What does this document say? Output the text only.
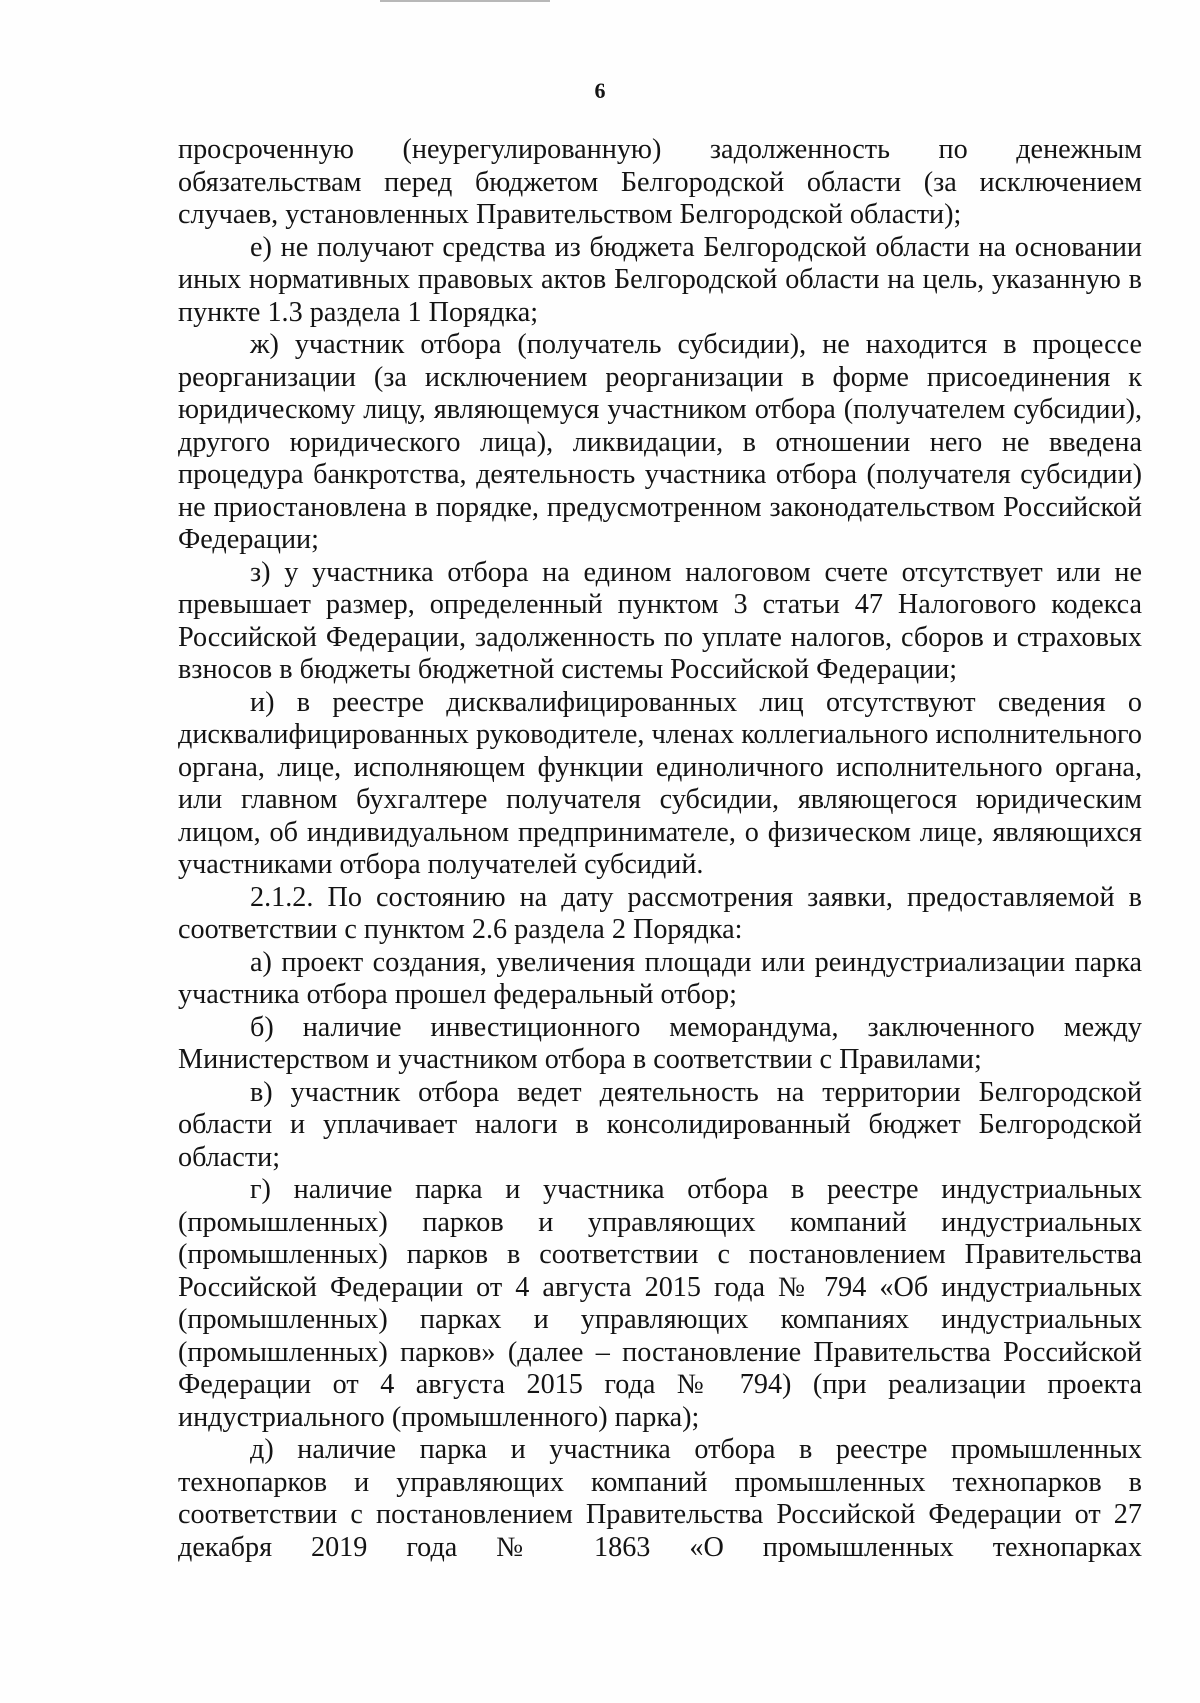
6

просроченную (неурегулированную) задолженность по денежным обязательствам перед бюджетом Белгородской области (за исключением случаев, установленных Правительством Белгородской области);

е) не получают средства из бюджета Белгородской области на основании иных нормативных правовых актов Белгородской области на цель, указанную в пункте 1.3 раздела 1 Порядка;

ж) участник отбора (получатель субсидии), не находится в процессе реорганизации (за исключением реорганизации в форме присоединения к юридическому лицу, являющемуся участником отбора (получателем субсидии), другого юридического лица), ликвидации, в отношении него не введена процедура банкротства, деятельность участника отбора (получателя субсидии) не приостановлена в порядке, предусмотренном законодательством Российской Федерации;

з) у участника отбора на едином налоговом счете отсутствует или не превышает размер, определенный пунктом 3 статьи 47 Налогового кодекса Российской Федерации, задолженность по уплате налогов, сборов и страховых взносов в бюджеты бюджетной системы Российской Федерации;

и) в реестре дисквалифицированных лиц отсутствуют сведения о дисквалифицированных руководителе, членах коллегиального исполнительного органа, лице, исполняющем функции единоличного исполнительного органа, или главном бухгалтере получателя субсидии, являющегося юридическим лицом, об индивидуальном предпринимателе, о физическом лице, являющихся участниками отбора получателей субсидий.

2.1.2. По состоянию на дату рассмотрения заявки, предоставляемой в соответствии с пунктом 2.6 раздела 2 Порядка:

а) проект создания, увеличения площади или реиндустриализации парка участника отбора прошел федеральный отбор;

б) наличие инвестиционного меморандума, заключенного между Министерством и участником отбора в соответствии с Правилами;

в) участник отбора ведет деятельность на территории Белгородской области и уплачивает налоги в консолидированный бюджет Белгородской области;

г) наличие парка и участника отбора в реестре индустриальных (промышленных) парков и управляющих компаний индустриальных (промышленных) парков в соответствии с постановлением Правительства Российской Федерации от 4 августа 2015 года № 794 «Об индустриальных (промышленных) парках и управляющих компаниях индустриальных (промышленных) парков» (далее – постановление Правительства Российской Федерации от 4 августа 2015 года № 794) (при реализации проекта индустриального (промышленного) парка);

д) наличие парка и участника отбора в реестре промышленных технопарков и управляющих компаний промышленных технопарков в соответствии с постановлением Правительства Российской Федерации от 27 декабря 2019 года № 1863 «О промышленных технопарках
